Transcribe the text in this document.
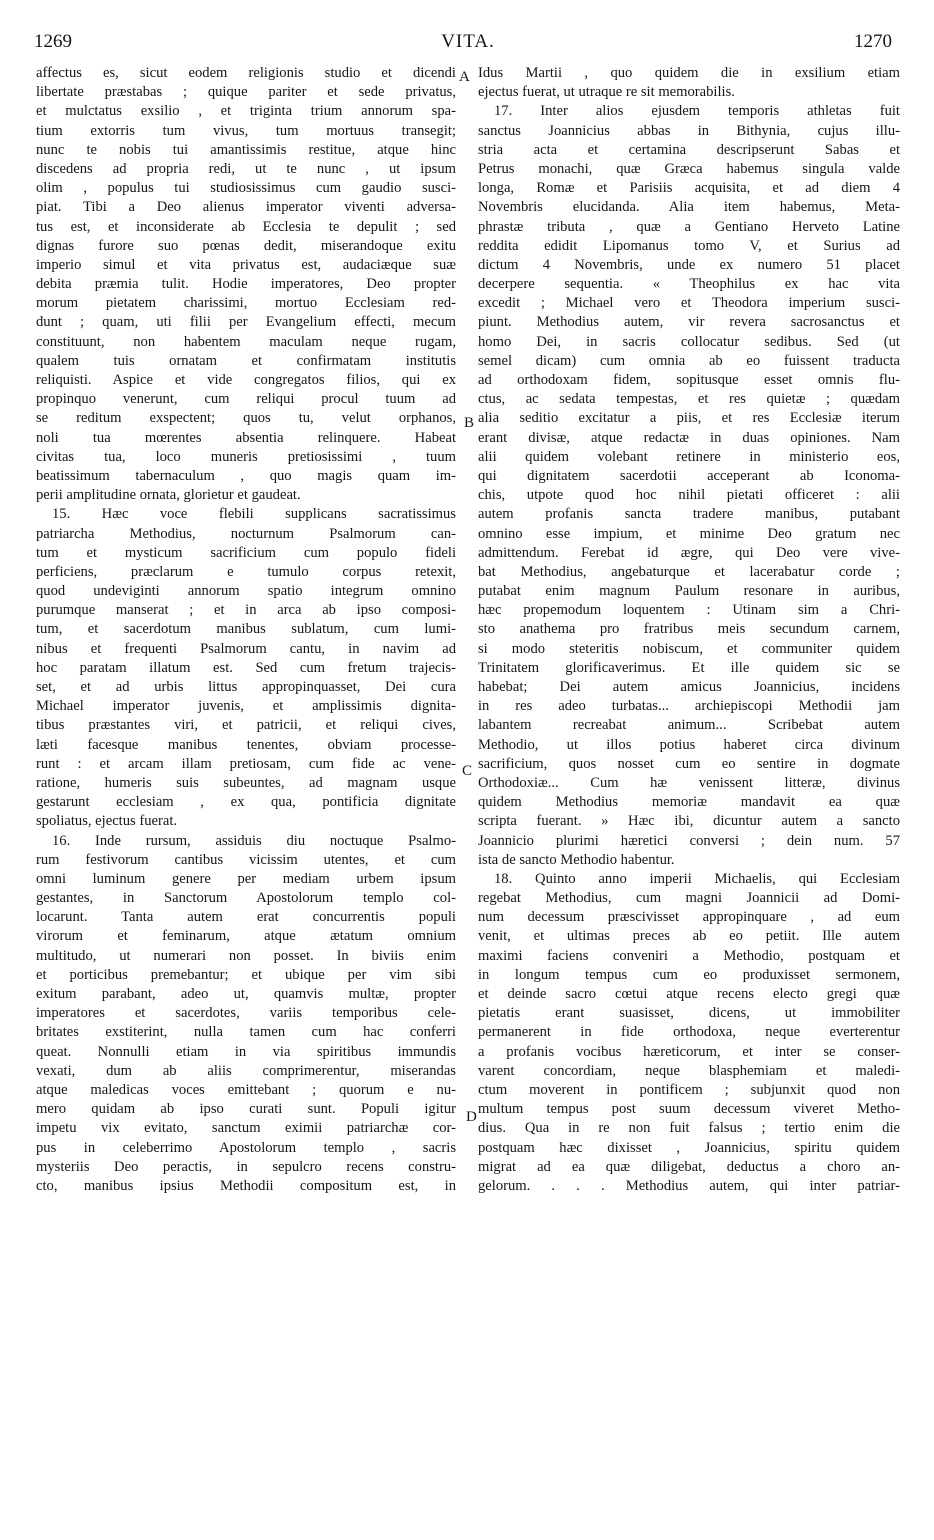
1269	VITA.	1270
affectus es, sicut eodem religionis studio et dicendi
libertate præstabas ; quique pariter et sede privatus,
et mulctatus exsilio , et triginta trium annorum spa-
tium extorris tum vivus, tum mortuus transegit;
nunc te nobis tui amantissimis restitue, atque hinc
discedens ad propria redi, ut te nunc , ut ipsum
olim , populus tui studiosissimus cum gaudio susci-
piat. Tibi a Deo alienus imperator viventi adversa-
tus est, et inconsiderate ab Ecclesia te depulit ; sed
dignas furore suo pœnas dedit, miserandoque exitu
imperio simul et vita privatus est, audaciæque suæ
debita præmia tulit. Hodie imperatores, Deo propter
morum pietatem charissimi, mortuo Ecclesiam red-
dunt ; quam, uti filii per Evangelium effecti, mecum
constituunt, non habentem maculam neque rugam,
qualem tuis ornatam et confirmatam institutis
reliquisti. Aspice et vide congregatos filios, qui ex
propinquo venerunt, cum reliqui procul tuum ad
se reditum exspectent; quos tu, velut orphanos,
noli tua mœrentes absentia relinquere. Habeat
civitas tua, loco muneris pretiosissimi , tuum
beatissimum tabernaculum , quo magis quam im-
perii amplitudine ornata, glorietur et gaudeat.
15. Hæc voce flebili supplicans sacratissimus
patriarcha Methodius, nocturnum Psalmorum can-
tum et mysticum sacrificium cum populo fideli
perficiens, præclarum e tumulo corpus retexit,
quod undeviginti annorum spatio integrum omnino
purumque manserat ; et in arca ab ipso composi-
tum, et sacerdotum manibus sublatum, cum lumi-
nibus et frequenti Psalmorum cantu, in navim ad
hoc paratam illatum est. Sed cum fretum trajecis-
set, et ad urbis littus appropinquasset, Dei cura
Michael imperator juvenis, et amplissimis dignita-
tibus præstantes viri, et patricii, et reliqui cives,
læti facesque manibus tenentes, obviam processe-
runt : et arcam illam pretiosam, cum fide ac vene-
ratione, humeris suis subeuntes, ad magnam usque
gestarunt ecclesiam , ex qua, pontificia dignitate
spoliatus, ejectus fuerat.
16. Inde rursum, assiduis diu noctuque Psalmo-
rum festivorum cantibus vicissim utentes, et cum
omni luminum genere per mediam urbem ipsum
gestantes, in Sanctorum Apostolorum templo col-
locarunt. Tanta autem erat concurrentis populi
virorum et feminarum, atque ætatum omnium
multitudo, ut numerari non posset. In biviis enim
et porticibus premebantur; et ubique per vim sibi
exitum parabant, adeo ut, quamvis multæ, propter
imperatores et sacerdotes, variis temporibus cele-
britates exstiterint, nulla tamen cum hac conferri
queat. Nonnulli etiam in via spiritibus immundis
vexati, dum ab aliis comprimerentur, miserandas
atque maledicas voces emittebant ; quorum e nu-
mero quidam ab ipso curati sunt. Populi igitur
impetu vix evitato, sanctum eximii patriarchæ cor-
pus in celeberrimo Apostolorum templo , sacris
mysteriis Deo peractis, in sepulcro recens constru-
cto, manibus ipsius Methodii compositum est, in
Idus Martii , quo quidem die in exsilium etiam
ejectus fuerat, ut utraque re sit memorabilis.
17. Inter alios ejusdem temporis athletas fuit
sanctus Joannicius abbas in Bithynia, cujus illu-
stria acta et certamina descripserunt Sabas et
Petrus monachi, quæ Græca habemus singula valde
longa, Romæ et Parisiis acquisita, et ad diem 4
Novembris elucidanda. Alia item habemus, Meta-
phrastæ tributa , quæ a Gentiano Herveto Latine
reddita edidit Lipomanus tomo V, et Surius ad
dictum 4 Novembris, unde ex numero 51 placet
decerpere sequentia. « Theophilus ex hac vita
excedit ; Michael vero et Theodora imperium susci-
piunt. Methodius autem, vir revera sacrosanctus et
homo Dei, in sacris collocatur sedibus. Sed (ut
semel dicam) cum omnia ab eo fuissent traducta
ad orthodoxam fidem, sopitusque esset omnis flu-
ctus, ac sedata tempestas, et res quietæ ; quædam
alia seditio excitatur a piis, et res Ecclesiæ iterum
erant divisæ, atque redactæ in duas opiniones. Nam
alii quidem volebant retinere in ministerio eos,
qui dignitatem sacerdotii acceperant ab Iconoma-
chis, utpote quod hoc nihil pietati officeret : alii
autem profanis sancta tradere manibus, putabant
omnino esse impium, et minime Deo gratum nec
admittendum. Ferebat id ægre, qui Deo vere vive-
bat Methodius, angebaturque et lacerabatur corde ;
putabat enim magnum Paulum resonare in auribus,
hæc propemodum loquentem : Utinam sim a Chri-
sto anathema pro fratribus meis secundum carnem,
si modo steteritis nobiscum, et communiter quidem
Trinitatem glorificaverimus. Et ille quidem sic se
habebat; Dei autem amicus Joannicius, incidens
in res adeo turbatas... archiepiscopi Methodii jam
labantem recreabat animum... Scribebat autem
Methodio, ut illos potius haberet circa divinum
sacrificium, quos nosset cum eo sentire in dogmate
Orthodoxiæ... Cum hæ venissent litteræ, divinus
quidem Methodius memoriæ mandavit ea quæ
scripta fuerant. » Hæc ibi, dicuntur autem a sancto
Joannicio plurimi hæretici conversi ; dein num. 57
ista de sancto Methodio habentur.
18. Quinto anno imperii Michaelis, qui Ecclesiam
regebat Methodius, cum magni Joannicii ad Domi-
num decessum præscivisset appropinquare , ad eum
venit, et ultimas preces ab eo petiit. Ille autem
maximi faciens conveniri a Methodio, postquam et
in longum tempus cum eo produxisset sermonem,
et deinde sacro cœtui atque recens electo gregi quæ
pietatis erant suasisset, dicens, ut immobiliter
permanerent in fide orthodoxa, neque everterentur
a profanis vocibus hæreticorum, et inter se conser-
varent concordiam, neque blasphemiam et maledi-
ctum moverent in pontificem ; subjunxit quod non
multum tempus post suum decessum viveret Metho-
dius. Qua in re non fuit falsus ; tertio enim die
postquam hæc dixisset , Joannicius, spiritu quidem
migrat ad ea quæ diligebat, deductus a choro an-
gelorum. . . . Methodius autem, qui inter patriar-
A
B
C
D
